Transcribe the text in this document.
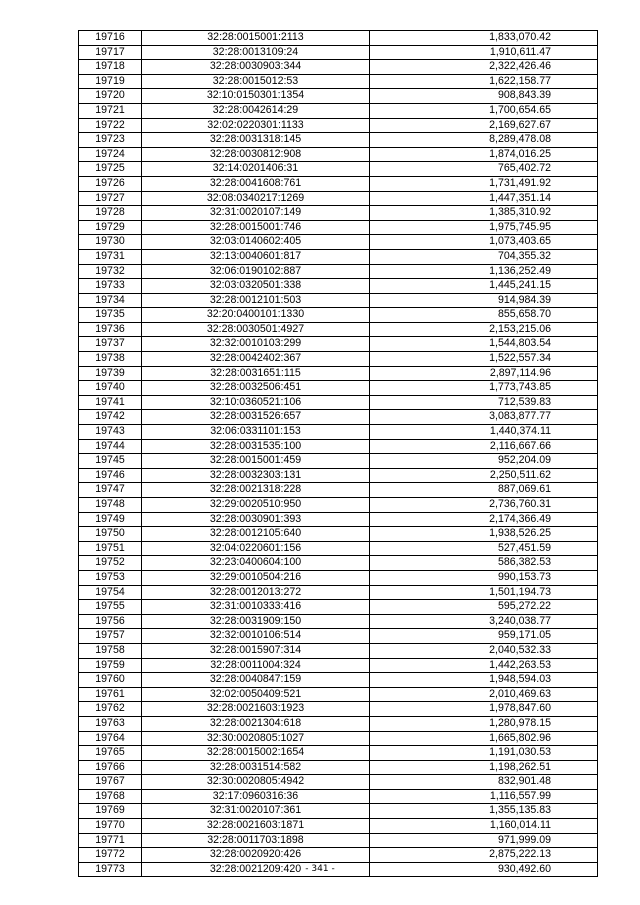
19716	32:28:0015001:2113	1,833,070.42
19717	32:28:0013109:24	1,910,611.47
19718	32:28:0030903:344	2,322,426.46
19719	32:28:0015012:53	1,622,158.77
19720	32:10:0150301:1354	908,843.39
19721	32:28:0042614:29	1,700,654.65
19722	32:02:0220301:1133	2,169,627.67
19723	32:28:0031318:145	8,289,478.08
19724	32:28:0030812:908	1,874,016.25
19725	32:14:0201406:31	765,402.72
19726	32:28:0041608:761	1,731,491.92
19727	32:08:0340217:1269	1,447,351.14
19728	32:31:0020107:149	1,385,310.92
19729	32:28:0015001:746	1,975,745.95
19730	32:03:0140602:405	1,073,403.65
19731	32:13:0040601:817	704,355.32
19732	32:06:0190102:887	1,136,252.49
19733	32:03:0320501:338	1,445,241.15
19734	32:28:0012101:503	914,984.39
19735	32:20:0400101:1330	855,658.70
19736	32:28:0030501:4927	2,153,215.06
19737	32:32:0010103:299	1,544,803.54
19738	32:28:0042402:367	1,522,557.34
19739	32:28:0031651:115	2,897,114.96
19740	32:28:0032506:451	1,773,743.85
19741	32:10:0360521:106	712,539.83
19742	32:28:0031526:657	3,083,877.77
19743	32:06:0331101:153	1,440,374.11
19744	32:28:0031535:100	2,116,667.66
19745	32:28:0015001:459	952,204.09
19746	32:28:0032303:131	2,250,511.62
19747	32:28:0021318:228	887,069.61
19748	32:29:0020510:950	2,736,760.31
19749	32:28:0030901:393	2,174,366.49
19750	32:28:0012105:640	1,938,526.25
19751	32:04:0220601:156	527,451.59
19752	32:23:0400604:100	586,382.53
19753	32:29:0010504:216	990,153.73
19754	32:28:0012013:272	1,501,194.73
19755	32:31:0010333:416	595,272.22
19756	32:28:0031909:150	3,240,038.77
19757	32:32:0010106:514	959,171.05
19758	32:28:0015907:314	2,040,532.33
19759	32:28:0011004:324	1,442,263.53
19760	32:28:0040847:159	1,948,594.03
19761	32:02:0050409:521	2,010,469.63
19762	32:28:0021603:1923	1,978,847.60
19763	32:28:0021304:618	1,280,978.15
19764	32:30:0020805:1027	1,665,802.96
19765	32:28:0015002:1654	1,191,030.53
19766	32:28:0031514:582	1,198,262.51
19767	32:30:0020805:4942	832,901.48
19768	32:17:0960316:36	1,116,557.99
19769	32:31:0020107:361	1,355,135.83
19770	32:28:0021603:1871	1,160,014.11
19771	32:28:0011703:1898	971,999.09
19772	32:28:0020920:426	2,875,222.13
19773	32:28:0021209:420	930,492.60
- 341 -
